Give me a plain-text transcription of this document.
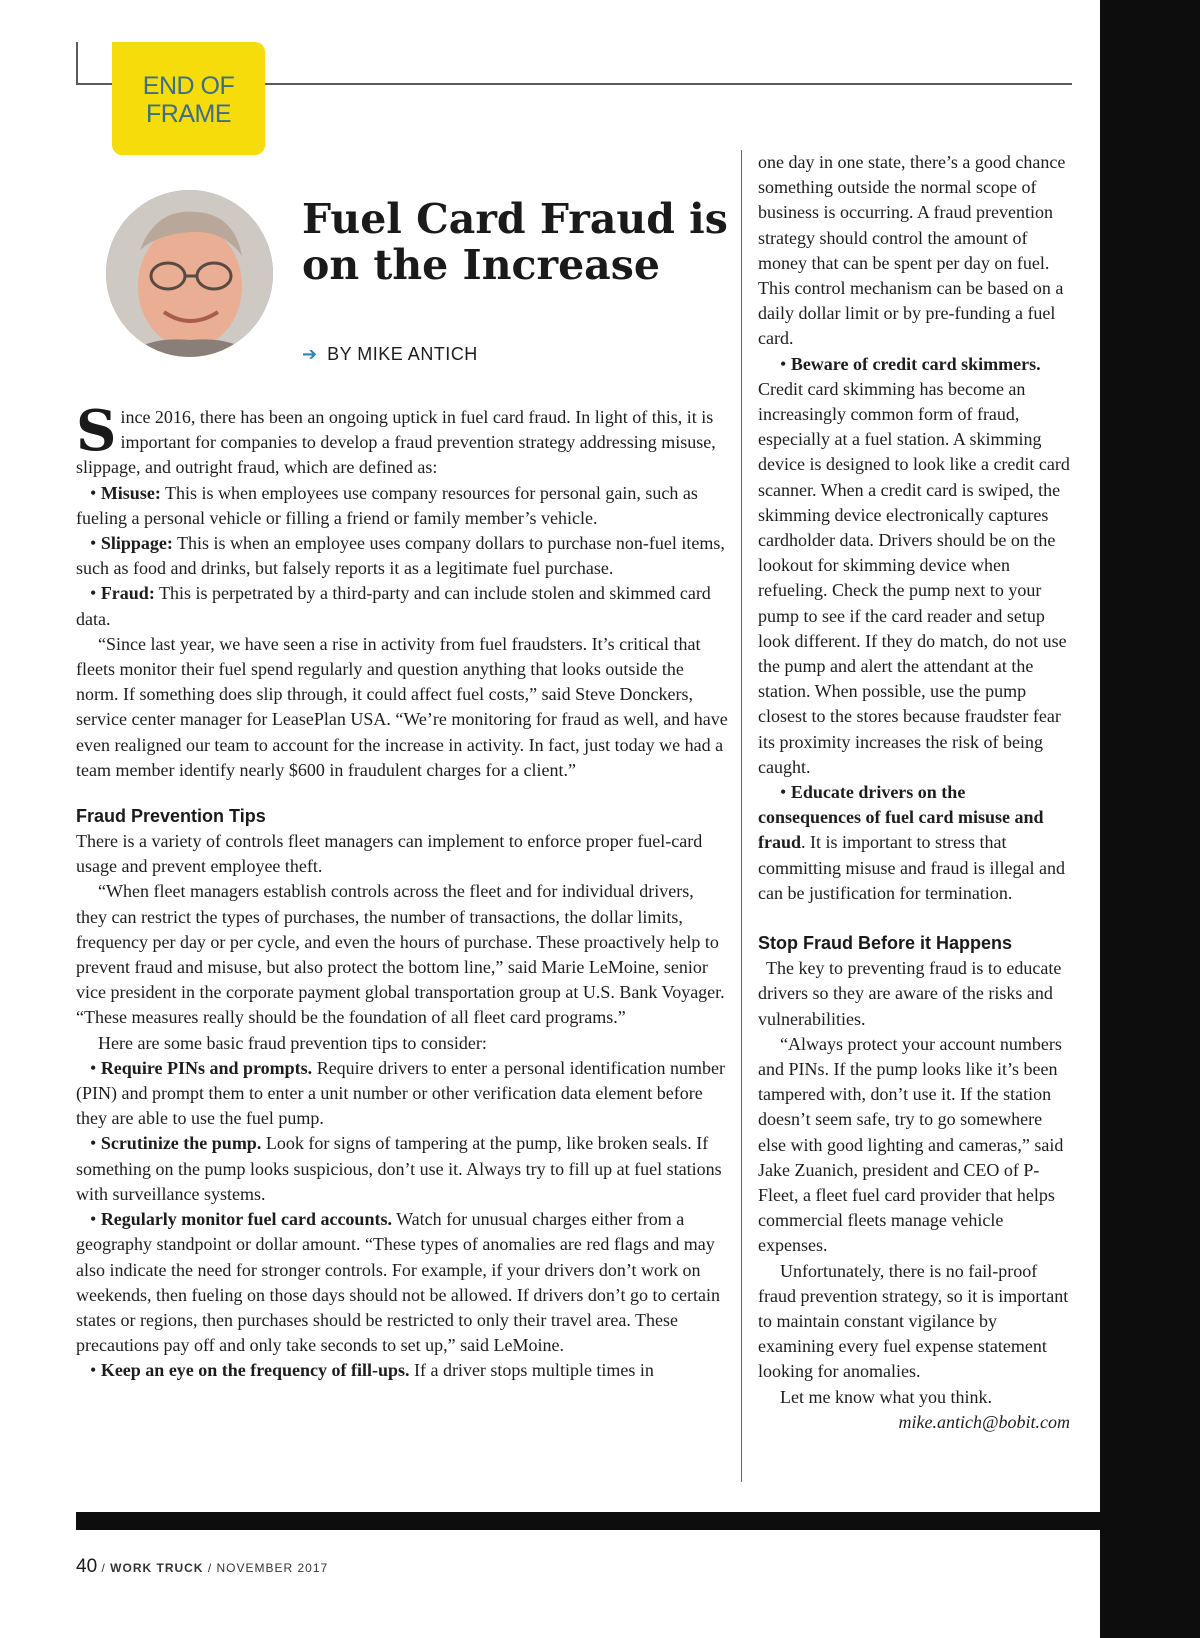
END OF
FRAME
Fuel Card Fraud is on the Increase
➔ BY MIKE ANTICH

Since 2016, there has been an ongoing uptick in fuel card fraud. In light of this, it is important for companies to develop a fraud prevention strategy addressing misuse, slippage, and outright fraud, which are defined as:

• Misuse: This is when employees use company resources for personal gain, such as fueling a personal vehicle or filling a friend or family member’s vehicle.

• Slippage: This is when an employee uses company dollars to purchase non-fuel items, such as food and drinks, but falsely reports it as a legitimate fuel purchase.

• Fraud: This is perpetrated by a third-party and can include stolen and skimmed card data.

“Since last year, we have seen a rise in activity from fuel fraudsters. It’s critical that fleets monitor their fuel spend regularly and question anything that looks outside the norm. If something does slip through, it could affect fuel costs,” said Steve Donckers, service center manager for LeasePlan USA. “We’re monitoring for fraud as well, and have even realigned our team to account for the increase in activity. In fact, just today we had a team member identify nearly $600 in fraudulent charges for a client.”

Fraud Prevention Tips

There is a variety of controls fleet managers can implement to enforce proper fuel-card usage and prevent employee theft.

“When fleet managers establish controls across the fleet and for individual drivers, they can restrict the types of purchases, the number of transactions, the dollar limits, frequency per day or per cycle, and even the hours of purchase. These proactively help to prevent fraud and misuse, but also protect the bottom line,” said Marie LeMoine, senior vice president in the corporate payment global transportation group at U.S. Bank Voyager. “These measures really should be the foundation of all fleet card programs.”

Here are some basic fraud prevention tips to consider:

• Require PINs and prompts. Require drivers to enter a personal identification number (PIN) and prompt them to enter a unit number or other verification data element before they are able to use the fuel pump.

• Scrutinize the pump. Look for signs of tampering at the pump, like broken seals. If something on the pump looks suspicious, don’t use it. Always try to fill up at fuel stations with surveillance systems.

• Regularly monitor fuel card accounts. Watch for unusual charges either from a geography standpoint or dollar amount. “These types of anomalies are red flags and may also indicate the need for stronger controls. For example, if your drivers don’t work on weekends, then fueling on those days should not be allowed. If drivers don’t go to certain states or regions, then purchases should be restricted to only their travel area. These precautions pay off and only take seconds to set up,” said LeMoine.

• Keep an eye on the frequency of fill-ups. If a driver stops multiple times in

one day in one state, there’s a good chance something outside the normal scope of business is occurring. A fraud prevention strategy should control the amount of money that can be spent per day on fuel. This control mechanism can be based on a daily dollar limit or by pre-funding a fuel card.

• Beware of credit card skimmers. Credit card skimming has become an increasingly common form of fraud, especially at a fuel station. A skimming device is designed to look like a credit card scanner. When a credit card is swiped, the skimming device electronically captures cardholder data. Drivers should be on the lookout for skimming device when refueling. Check the pump next to your pump to see if the card reader and setup look different. If they do match, do not use the pump and alert the attendant at the station. When possible, use the pump closest to the stores because fraudster fear its proximity increases the risk of being caught.

• Educate drivers on the consequences of fuel card misuse and fraud. It is important to stress that committing misuse and fraud is illegal and can be justification for termination.

Stop Fraud Before it Happens

The key to preventing fraud is to educate drivers so they are aware of the risks and vulnerabilities.

“Always protect your account numbers and PINs. If the pump looks like it’s been tampered with, don’t use it. If the station doesn’t seem safe, try to go somewhere else with good lighting and cameras,” said Jake Zuanich, president and CEO of P-Fleet, a fleet fuel card provider that helps commercial fleets manage vehicle expenses.

Unfortunately, there is no fail-proof fraud prevention strategy, so it is important to maintain constant vigilance by examining every fuel expense statement looking for anomalies.

Let me know what you think.

mike.antich@bobit.com

40 / WORK TRUCK / NOVEMBER 2017
